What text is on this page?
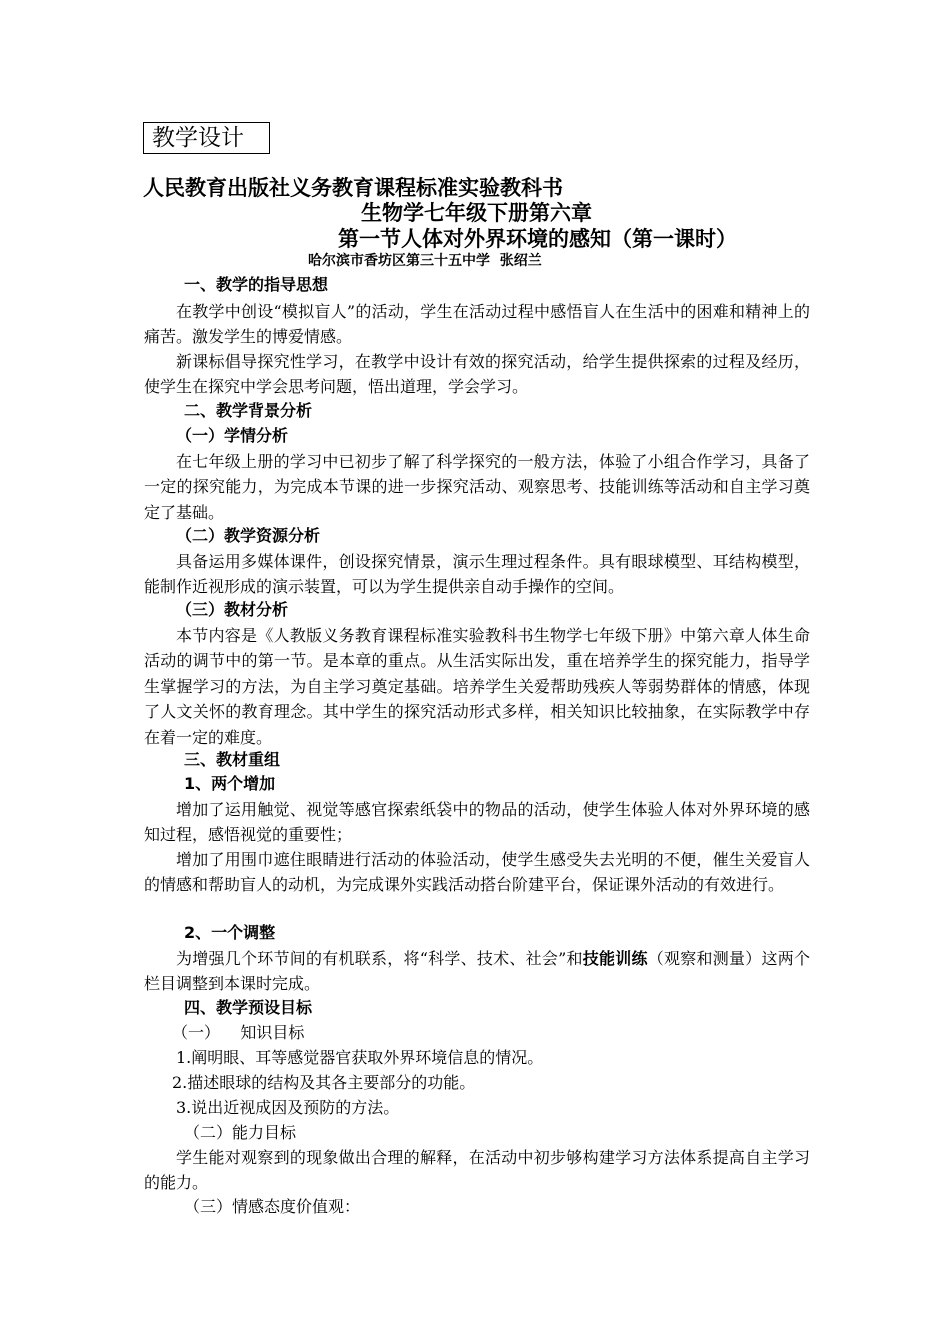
教学设计
人民教育出版社义务教育课程标准实验教科书
生物学七年级下册第六章
第一节人体对外界环境的感知（第一课时）
哈尔滨市香坊区第三十五中学  张绍兰
一、教学的指导思想
在教学中创设“模拟盲人”的活动，学生在活动过程中感悟盲人在生活中的困难和精神上的痛苦。激发学生的博爱情感。
新课标倡导探究性学习，在教学中设计有效的探究活动，给学生提供探索的过程及经历，使学生在探究中学会思考问题，悟出道理，学会学习。
二、教学背景分析
（一）学情分析
在七年级上册的学习中已初步了解了科学探究的一般方法，体验了小组合作学习，具备了一定的探究能力，为完成本节课的进一步探究活动、观察思考、技能训练等活动和自主学习奠定了基础。
（二）教学资源分析
具备运用多媒体课件，创设探究情景，演示生理过程条件。具有眼球模型、耳结构模型，能制作近视形成的演示装置，可以为学生提供亲自动手操作的空间。
（三）教材分析
本节内容是《人教版义务教育课程标准实验教科书生物学七年级下册》中第六章人体生命活动的调节中的第一节。是本章的重点。从生活实际出发，重在培养学生的探究能力，指导学生掌握学习的方法，为自主学习奠定基础。培养学生关爱帮助残疾人等弱势群体的情感，体现了人文关怀的教育理念。其中学生的探究活动形式多样，相关知识比较抽象，在实际教学中存在着一定的难度。
三、教材重组
1、两个增加
增加了运用触觉、视觉等感官探索纸袋中的物品的活动，使学生体验人体对外界环境的感知过程，感悟视觉的重要性；
增加了用围巾遮住眼睛进行活动的体验活动，使学生感受失去光明的不便，催生关爱盲人的情感和帮助盲人的动机，为完成课外实践活动搭台阶建平台，保证课外活动的有效进行。
2、一个调整
为增强几个环节间的有机联系，将“科学、技术、社会”和技能训练（观察和测量）这两个栏目调整到本课时完成。
四、教学预设目标
（一）    知识目标
1.阐明眼、耳等感觉器官获取外界环境信息的情况。
2.描述眼球的结构及其各主要部分的功能。
3.说出近视成因及预防的方法。
（二）能力目标
学生能对观察到的现象做出合理的解释，在活动中初步够构建学习方法体系提高自主学习的能力。
（三）情感态度价值观：
